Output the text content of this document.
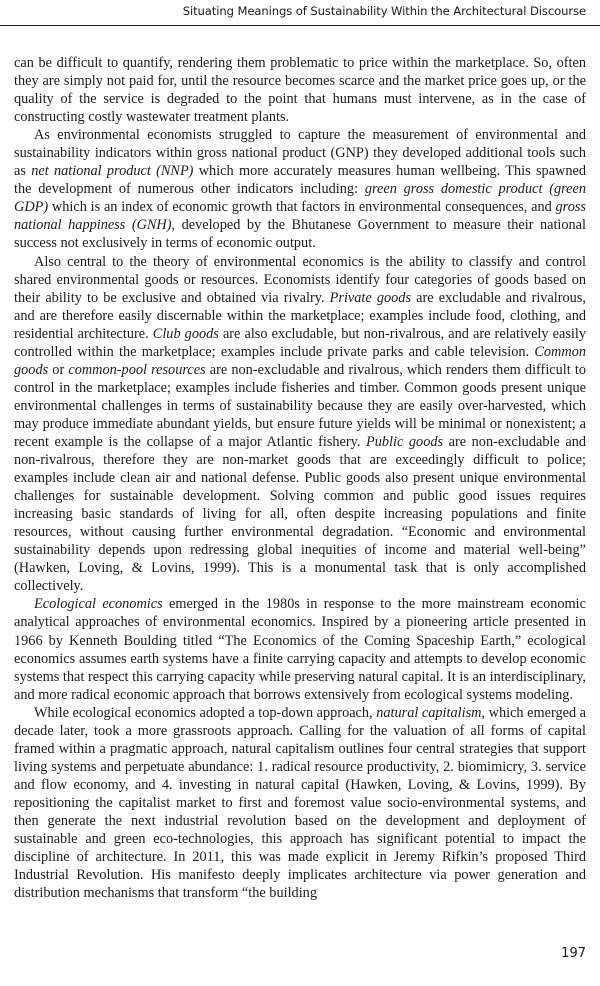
Situating Meanings of Sustainability Within the Architectural Discourse

can be difficult to quantify, rendering them problematic to price within the marketplace. So, often they are simply not paid for, until the resource becomes scarce and the market price goes up, or the quality of the service is degraded to the point that humans must intervene, as in the case of constructing costly wastewater treatment plants.

As environmental economists struggled to capture the measurement of environmental and sustainability indicators within gross national product (GNP) they developed additional tools such as net national product (NNP) which more accurately measures human wellbeing. This spawned the development of numerous other indicators including: green gross domestic product (green GDP) which is an index of economic growth that factors in environmental consequences, and gross national happiness (GNH), developed by the Bhutanese Government to measure their national success not exclusively in terms of economic output.

Also central to the theory of environmental economics is the ability to classify and control shared environmental goods or resources. Economists identify four categories of goods based on their ability to be exclusive and obtained via rivalry. Private goods are excludable and rivalrous, and are therefore easily discernable within the marketplace; examples include food, clothing, and residential architecture. Club goods are also excludable, but non-rivalrous, and are relatively easily controlled within the marketplace; examples include private parks and cable television. Common goods or common-pool resources are non-excludable and rivalrous, which renders them difficult to control in the marketplace; examples include fisheries and timber. Common goods present unique environmental challenges in terms of sustainability because they are easily over-harvested, which may produce immediate abundant yields, but ensure future yields will be minimal or nonexistent; a recent example is the collapse of a major Atlantic fishery. Public goods are non-excludable and non-rivalrous, therefore they are non-market goods that are exceedingly difficult to police; examples include clean air and national defense. Public goods also present unique environmental challenges for sustainable development. Solving common and public good issues requires increasing basic standards of living for all, often despite increasing populations and finite resources, without causing further environmental degradation. “Economic and environmental sustainability depends upon redressing global inequities of income and material well-being” (Hawken, Loving, & Lovins, 1999). This is a monumental task that is only accomplished collectively.

Ecological economics emerged in the 1980s in response to the more mainstream economic analytical approaches of environmental economics. Inspired by a pioneering article presented in 1966 by Kenneth Boulding titled “The Economics of the Coming Spaceship Earth,” ecological economics assumes earth systems have a finite carrying capacity and attempts to develop economic systems that respect this carrying capacity while preserving natural capital. It is an interdisciplinary, and more radical economic approach that borrows extensively from ecological systems modeling.

While ecological economics adopted a top-down approach, natural capitalism, which emerged a decade later, took a more grassroots approach. Calling for the valuation of all forms of capital framed within a pragmatic approach, natural capitalism outlines four central strategies that support living systems and perpetuate abundance: 1. radical resource productivity, 2. biomimicry, 3. service and flow economy, and 4. investing in natural capital (Hawken, Loving, & Lovins, 1999). By repositioning the capitalist market to first and foremost value socio-environmental systems, and then generate the next industrial revolution based on the development and deployment of sustainable and green eco-technologies, this approach has significant potential to impact the discipline of architecture. In 2011, this was made explicit in Jeremy Rifkin’s proposed Third Industrial Revolution. His manifesto deeply implicates architecture via power generation and distribution mechanisms that transform “the building

197
